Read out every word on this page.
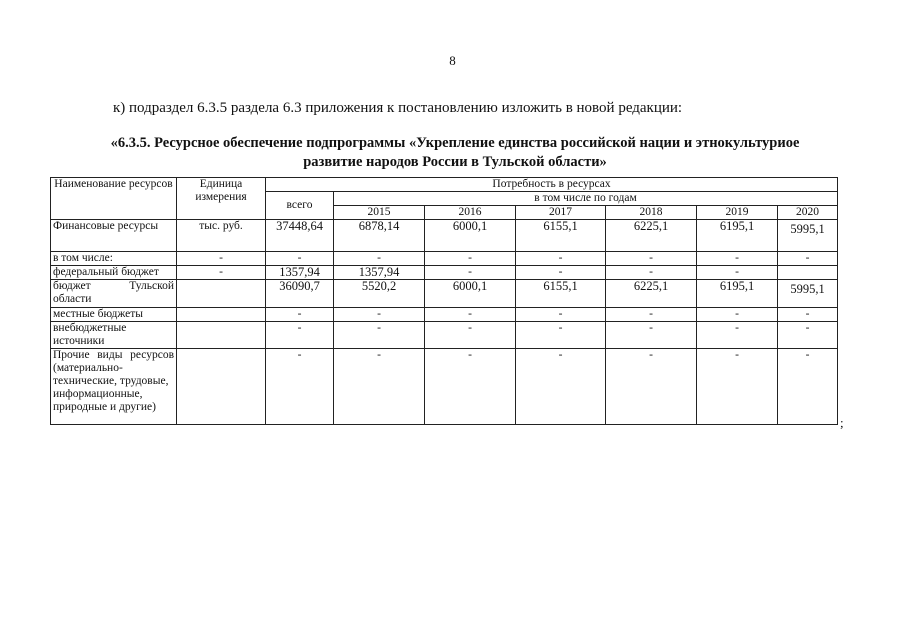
8
к) подраздел 6.3.5 раздела 6.3 приложения к постановлению изложить в новой редакции:
«6.3.5. Ресурсное обеспечение подпрограммы «Укрепление единства российской нации и этнокультуриое
развитие народов России в Тульской области»
Наименование ресурсов	Единица измерения	Потребность в ресурсах						
		всего	в том числе по годам					
			2015	2016	2017	2018	2019	2020
Финансовые ресурсы	тыс. руб.	37448,64	6878,14	6000,1	6155,1	6225,1	6195,1	5995,1
в том числе:	-	-	-	-	-	-	-	-
федеральный бюджет	-	1357,94	1357,94	-	-	-	-	

бюджет Тульской
области		36090,7	5520,2	6000,1	6155,1	6225,1	6195,1	5995,1
местные бюджеты		-	-	-	-	-	-	-

внебюджетные
источники		-	-	-	-	-	-	-

Прочие виды ресурсов
(материально-
технические, трудовые,
информационные,
природные и другие)		-	-	-	-	-	-	-
;
